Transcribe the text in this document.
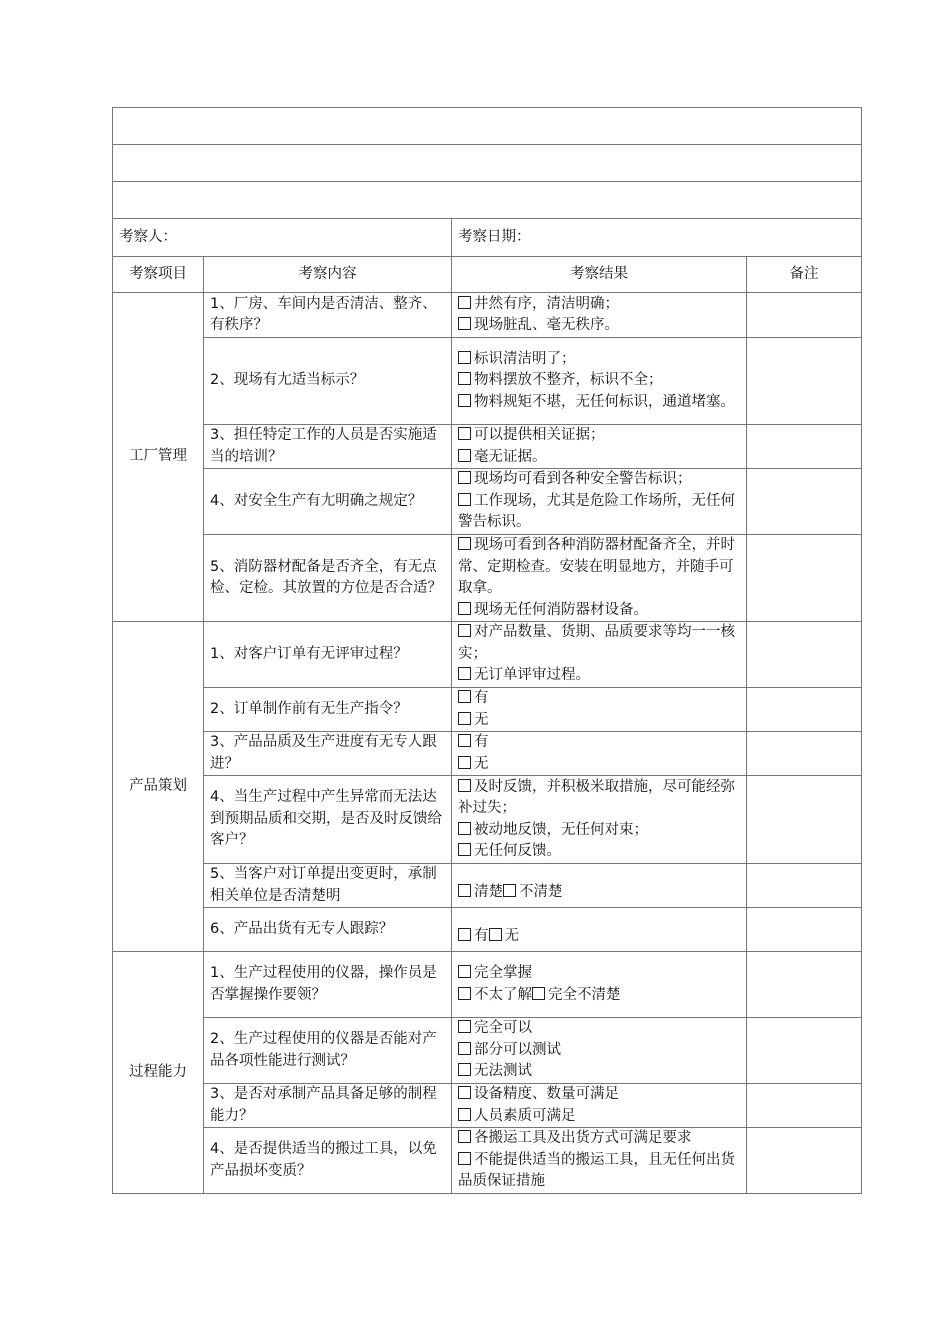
考察人：		考察日期：	
考察项目	考察内容	考察结果	备注
工厂管理	1、厂房、车间内是否清洁、整齐、有秩序？	井然有序，清洁明确；
现场脏乱、毫无秩序。	

	2、现场有尢适当标示？	标识清洁明了；
物料摆放不整齐，标识不全；
物料规矩不堪，无任何标识，通道堵塞。	

	3、担任特定工作的人员是否实施适当的培训？	可以提供相关证据；
毫无证据。	

	4、对安全生产有尢明确之规定？	现场均可看到各种安全警告标识；
工作现场，尤其是危险工作场所，无任何警告标识。	

	5、消防器材配备是否齐全，有无点检、定检。其放置的方位是否合适？	现场可看到各种消防器材配备齐全，并时常、定期检查。安装在明显地方，并随手可取拿。
现场无任何消防器材设备。	

产品策划	1、对客户订单有无评审过程？	对产品数量、货期、品质要求等均一一核实；
无订单评审过程。	

	2、订单制作前有无生产指令？	有
无	

	3、产品品质及生产进度有无专人跟进？	有
无	

	4、当生产过程中产生异常而无法达到预期品质和交期，是否及时反馈给客户？	及时反馈，并积极米取措施，尽可能经弥补过失；
被动地反馈，无任何对束；
无任何反馈。	

	5、当客户对订单提出变更时，承制相关单位是否清楚明	清楚 不清楚	

	6、产品出货有无专人跟踪？	有 无	

过程能力	1、生产过程使用的仪器，操作员是否掌握操作要领？	完全掌握
不太了解 完全不清楚	

	2、生产过程使用的仪器是否能对产品各项性能进行测试？	完全可以
部分可以测试
无法测试	

	3、是否对承制产品具备足够的制程能力？	设备精度、数量可满足
人员素质可满足	

	4、是否提供适当的搬过工具，以免产品损坏变质？	各搬运工具及出货方式可满足要求
不能提供适当的搬运工具，且无任何出货品质保证措施	
